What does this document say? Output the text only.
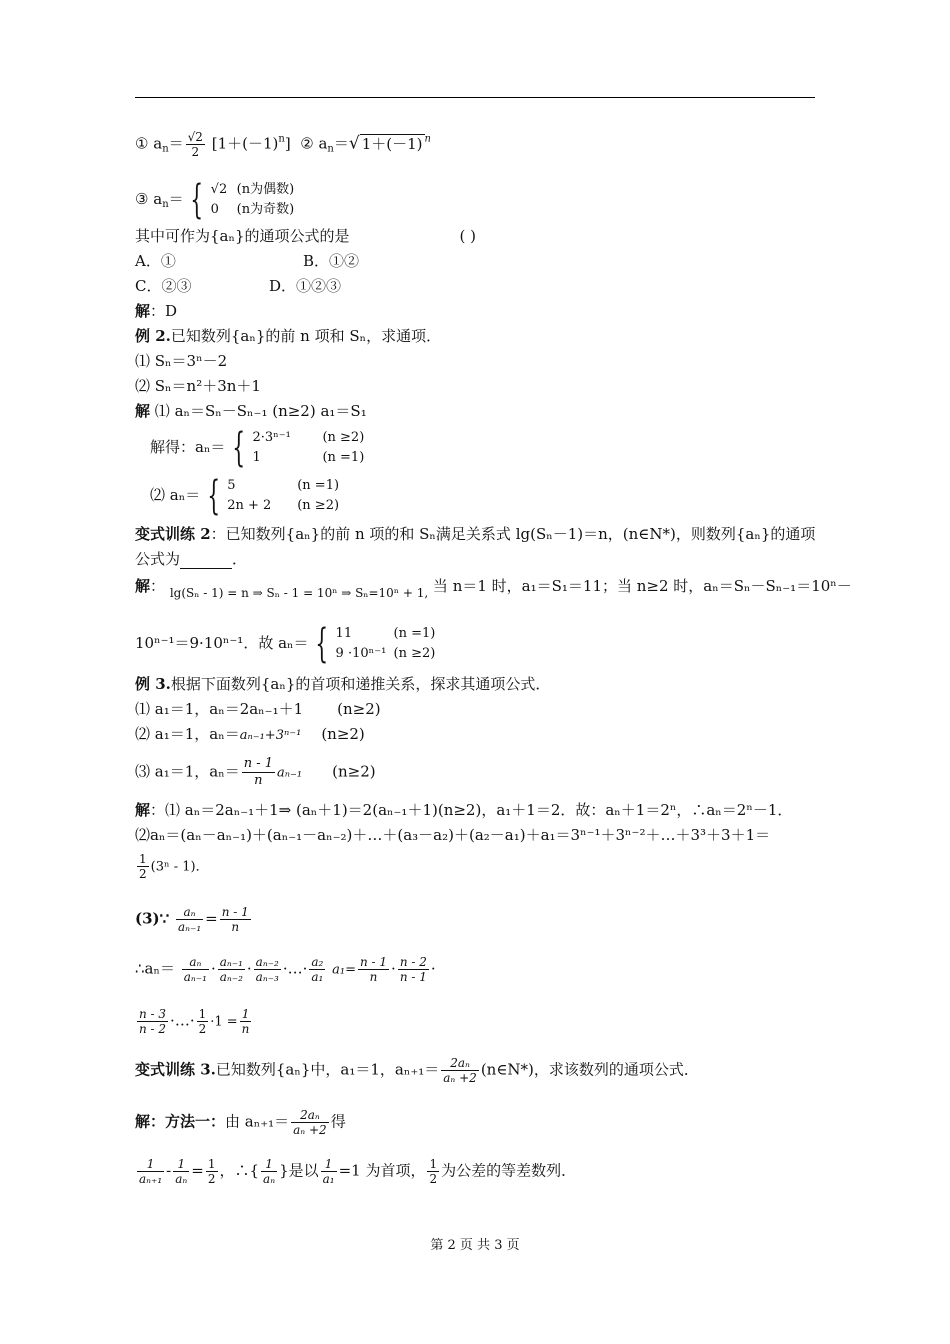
① $a_n= \frac{√2}{2} [1+(-1)^n]$  ② $a_n=√$ 1＋(－1) $^n$
③ $a_n=$ { √2 (n为偶数)
0 (n为奇数)
其中可作为{aₙ}的通项公式的是	( )
A．①	B．①②
C．②③	D．①②③
解：D
例 2.已知数列{aₙ}的前 n 项和 Sₙ，求通项．
⑴ Sₙ＝3ⁿ－2
⑵ Sₙ＝n²＋3n＋1
解 ⑴ aₙ＝Sₙ－Sₙ₋₁ (n≥2) a₁＝S₁
解得：aₙ＝ { 2·3ⁿ⁻¹ (n ≥2)
1	(n =1)
⑵ aₙ＝ { 5	(n =1)
2n + 2 (n ≥2)
变式训练 2：已知数列{aₙ}的前 n 项的和 Sₙ满足关系式 lg(Sₙ－1)＝n，(n∈N*)，则数列{aₙ}的通项
公式为	．
解： $_{lg(S_n - 1) = n \Rightarrow S_n - 1 = 10^n \Rightarrow S_n=10^n + 1,}$ 当 n＝1 时，a₁＝S₁＝11；当 n≥2 时，aₙ＝Sₙ－Sₙ₋₁＝10ⁿ－
10ⁿ⁻¹＝9·10ⁿ⁻¹．故 aₙ＝ { 11	(n =1)
9 ·10ⁿ⁻¹ (n ≥2)
例 3.根据下面数列{aₙ}的首项和递推关系，探求其通项公式．
⑴ a₁＝1，aₙ＝2aₙ₋₁＋1 (n≥2)
⑵ a₁＝1，aₙ＝aₙ₋₁+3ⁿ⁻¹ (n≥2)
⑶ a₁＝1，$a_n= \frac{n - 1}{n} a_{n-1}$ (n≥2)
解：⑴ aₙ＝2aₙ₋₁＋1⇒ (aₙ＋1)＝2(aₙ₋₁＋1)(n≥2)，a₁＋1＝2．故：aₙ＋1＝2ⁿ，∴aₙ＝2ⁿ－1．
⑵aₙ＝(aₙ－aₙ₋₁)＋(aₙ₋₁－aₙ₋₂)＋…＋(a₃－a₂)＋(a₂－a₁)＋a₁＝3ⁿ⁻¹＋3ⁿ⁻²＋…＋3³＋3＋1＝
$\frac{1}{2} (3^n - 1)$．
(3)∵ $\frac{\text{aₙ}}{\text{aₙ₋₁}} = \frac{n - 1}{n}$
∴aₙ＝ $\frac{\text{aₙ}}{\text{aₙ₋₁}} \cdot \frac{\text{aₙ₋₁}}{\text{aₙ₋₂}} \cdot \frac{\text{aₙ₋₂}}{\text{aₙ₋₃}}$ ·…· $\frac{\text{a₂}}{\text{a₁}} a_1= \frac{n - 1}{n} \cdot \frac{n - 2}{n - 1}$ ·
$\frac{n - 3}{n - 2}$ ·…· $\frac{1}{2} \cdot 1 = \frac{1}{n}$
变式训练 3.已知数列{aₙ}中，a₁＝1，$a_{n+1}= \frac{\text{2aₙ}}{\text{aₙ +2}}$ (n∈N*)，求该数列的通项公式．
解：方法一：由 $a_{n+1}= \frac{\text{2aₙ}}{\text{aₙ +2}}$ 得
$\frac{1}{\text{aₙ₊₁}} - \frac{1}{\text{aₙ}} = \frac{1}{2}$ ，∴{ $\frac{1}{\text{aₙ}}$ }是以 $\frac{1}{\text{a₁}} =1$ 为首项， $\frac{1}{2}$ 为公差的等差数列．
第 2 页 共 3 页
